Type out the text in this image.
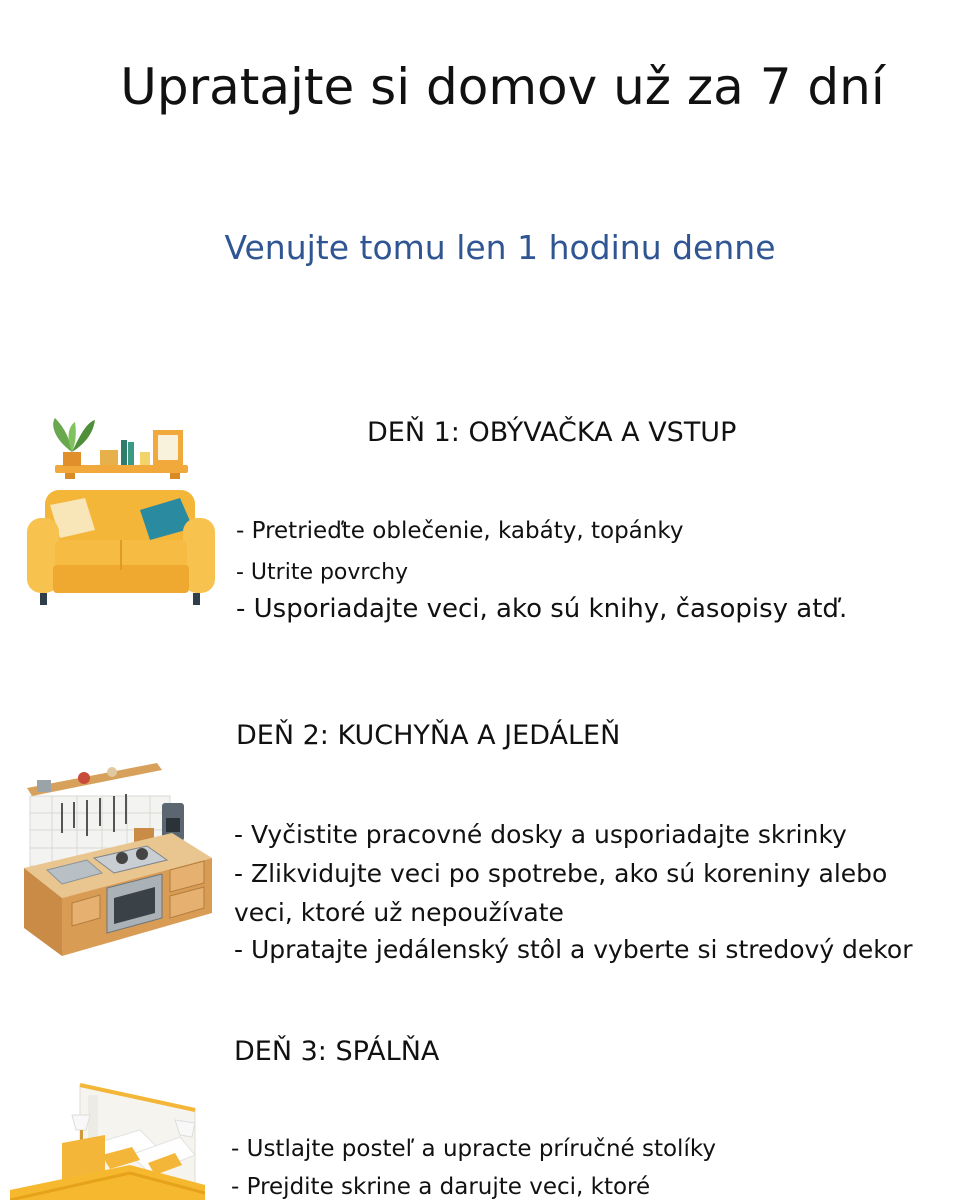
Upratajte si domov už za 7 dní
Venujte tomu len 1 hodinu denne
DEŇ 1: OBÝVAČKA A VSTUP
- Pretrieďte oblečenie, kabáty, topánky
- Utrite povrchy
- Usporiadajte veci, ako sú knihy, časopisy atď.
DEŇ 2: KUCHYŇA A JEDÁLEŇ
- Vyčistite pracovné dosky a usporiadajte skrinky
- Zlikvidujte veci po spotrebe, ako sú koreniny alebo
veci, ktoré už nepoužívate
- Upratajte jedálenský stôl a vyberte si stredový dekor
DEŇ 3: SPÁLŇA
- Ustlajte posteľ a upracte príručné stolíky
- Prejdite skrine a darujte veci, ktoré
